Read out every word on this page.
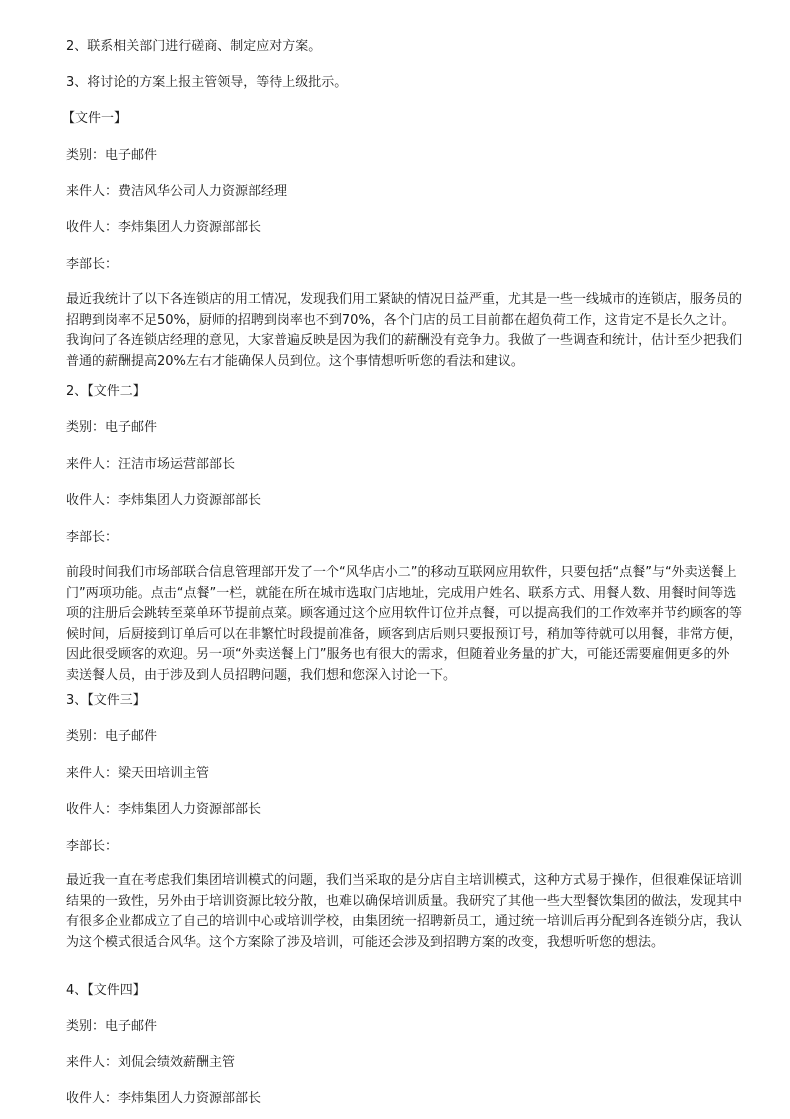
2、联系相关部门进行磋商、制定应对方案。
3、将讨论的方案上报主管领导，等待上级批示。
【文件一】
类别：电子邮件
来件人：费洁风华公司人力资源部经理
收件人：李炜集团人力资源部部长
李部长：
最近我统计了以下各连锁店的用工情况，发现我们用工紧缺的情况日益严重，尤其是一些一线城市的连锁店，服务员的招聘到岗率不足50%，厨师的招聘到岗率也不到70%，各个门店的员工目前都在超负荷工作，这肯定不是长久之计。我询问了各连锁店经理的意见，大家普遍反映是因为我们的薪酬没有竞争力。我做了一些调查和统计，估计至少把我们普通的薪酬提高20%左右才能确保人员到位。这个事情想听听您的看法和建议。
2、【文件二】
类别：电子邮件
来件人：汪洁市场运营部部长
收件人：李炜集团人力资源部部长
李部长：
前段时间我们市场部联合信息管理部开发了一个“风华店小二”的移动互联网应用软件，只要包括“点餐”与“外卖送餐上门”两项功能。点击“点餐”一栏，就能在所在城市选取门店地址，完成用户姓名、联系方式、用餐人数、用餐时间等选项的注册后会跳转至菜单环节提前点菜。顾客通过这个应用软件订位并点餐，可以提高我们的工作效率并节约顾客的等候时间，后厨接到订单后可以在非繁忙时段提前准备，顾客到店后则只要报预订号，稍加等待就可以用餐，非常方便，因此很受顾客的欢迎。另一项“外卖送餐上门”服务也有很大的需求，但随着业务量的扩大，可能还需要雇佣更多的外卖送餐人员，由于涉及到人员招聘问题，我们想和您深入讨论一下。
3、【文件三】
类别：电子邮件
来件人：梁天田培训主管
收件人：李炜集团人力资源部部长
李部长：
最近我一直在考虑我们集团培训模式的问题，我们当采取的是分店自主培训模式，这种方式易于操作，但很难保证培训结果的一致性，另外由于培训资源比较分散，也难以确保培训质量。我研究了其他一些大型餐饮集团的做法，发现其中有很多企业都成立了自己的培训中心或培训学校，由集团统一招聘新员工，通过统一培训后再分配到各连锁分店，我认为这个模式很适合风华。这个方案除了涉及培训，可能还会涉及到招聘方案的改变，我想听听您的想法。
4、【文件四】
类别：电子邮件
来件人：刘侃会绩效薪酬主管
收件人：李炜集团人力资源部部长
